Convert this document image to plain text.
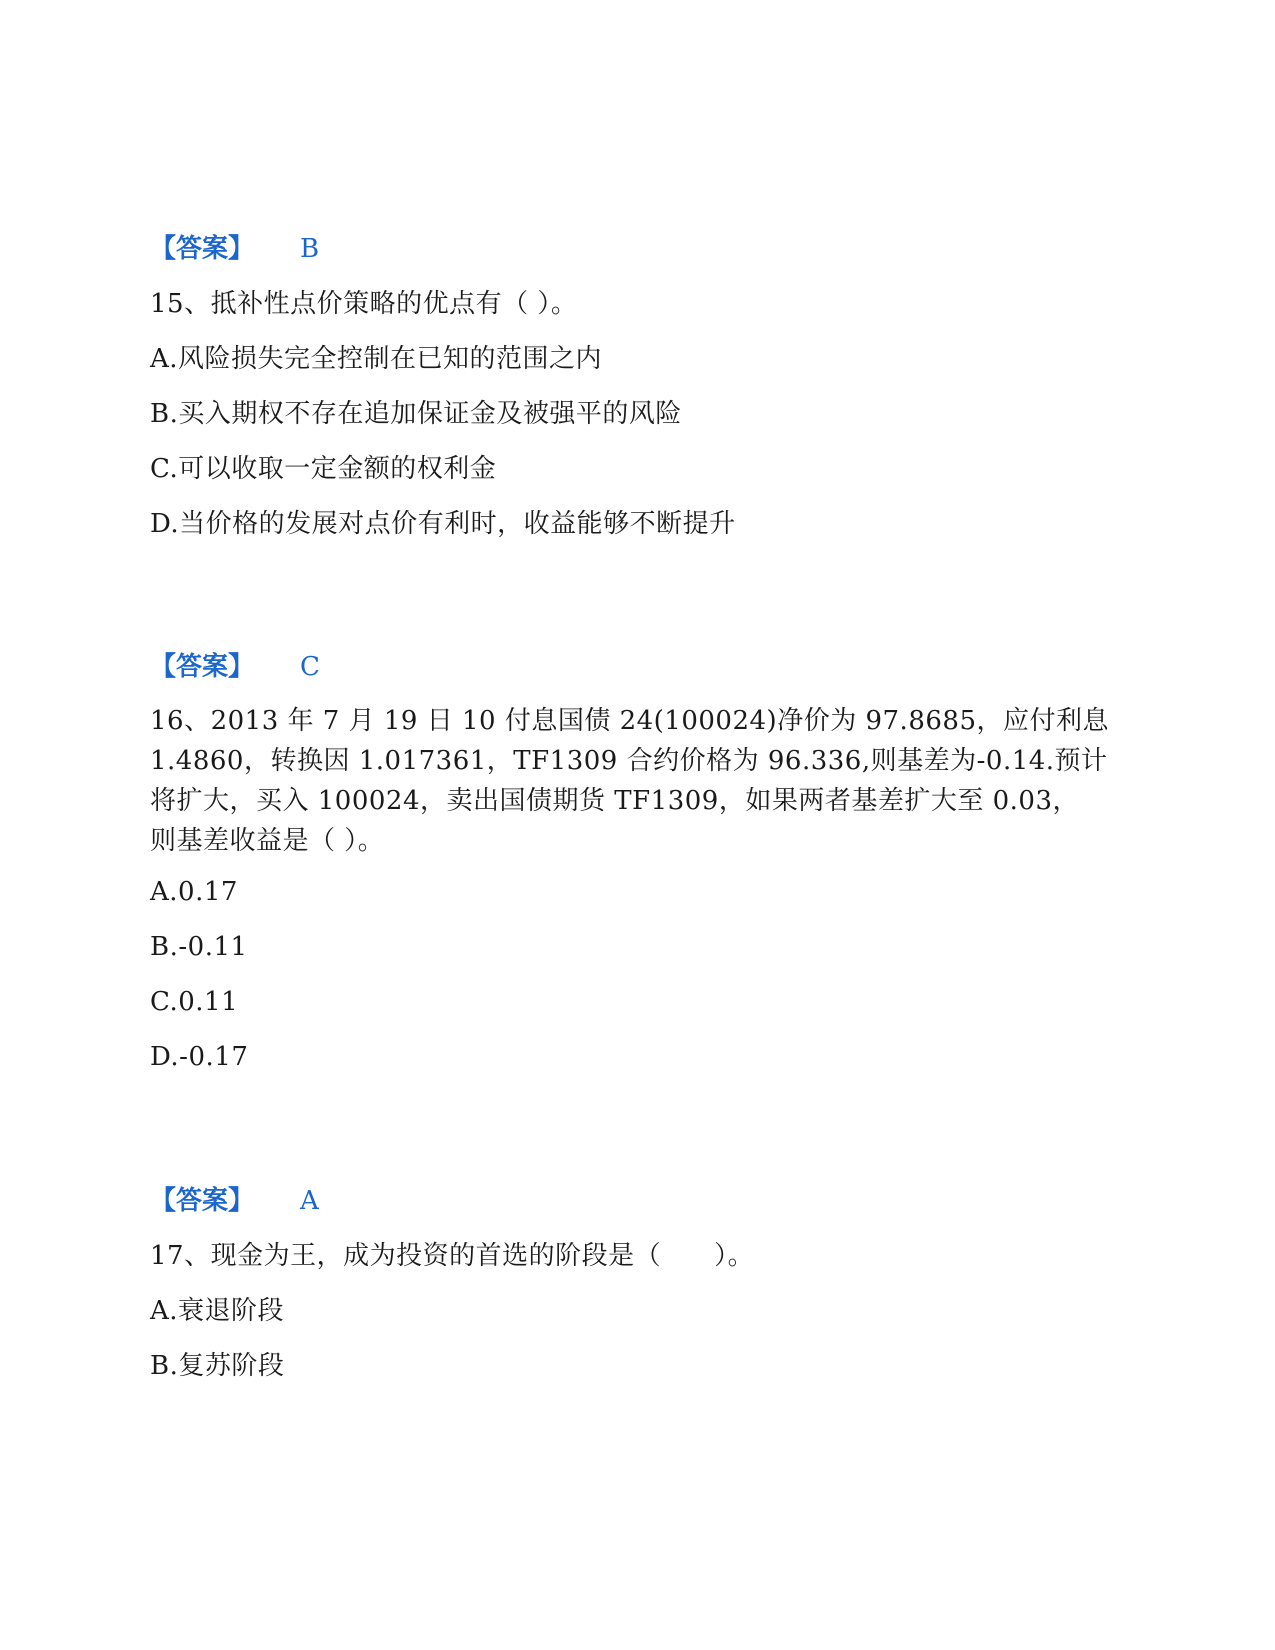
【答案】 B
15、抵补性点价策略的优点有（ ）。
A.风险损失完全控制在已知的范围之内
B.买入期权不存在追加保证金及被强平的风险
C.可以收取一定金额的权利金
D.当价格的发展对点价有利时，收益能够不断提升
【答案】 C
16、2013 年 7 月 19 日 10 付息国债 24(100024)净价为 97.8685，应付利息
1.4860，转换因 1.017361，TF1309 合约价格为 96.336,则基差为-0.14.预计
将扩大，买入 100024，卖出国债期货 TF1309，如果两者基差扩大至 0.03，
则基差收益是（ ）。
A.0.17
B.-0.11
C.0.11
D.-0.17
【答案】 A
17、现金为王，成为投资的首选的阶段是（　　）。
A.衰退阶段
B.复苏阶段
